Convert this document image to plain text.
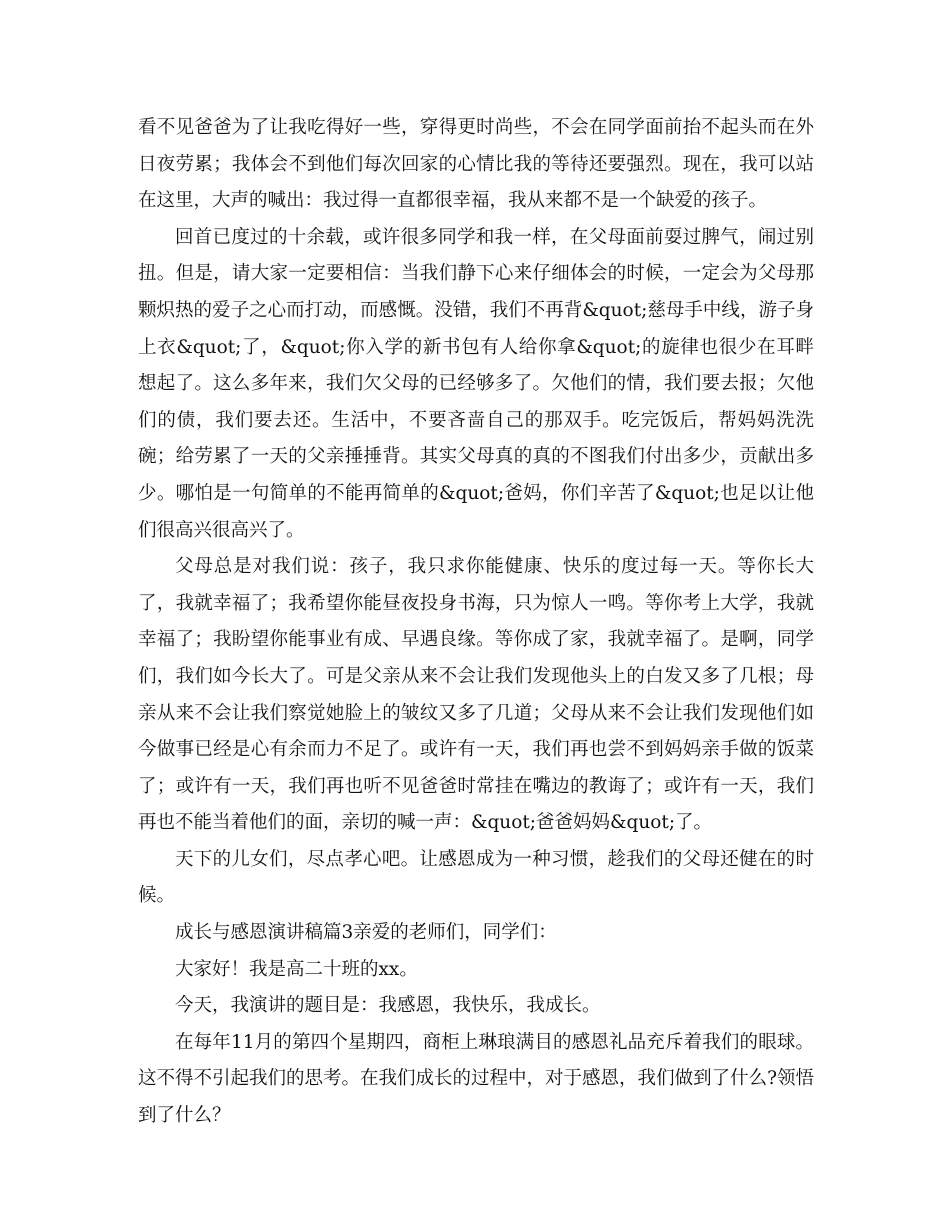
看不见爸爸为了让我吃得好一些，穿得更时尚些，不会在同学面前抬不起头而在外日夜劳累；我体会不到他们每次回家的心情比我的等待还要强烈。现在，我可以站在这里，大声的喊出：我过得一直都很幸福，我从来都不是一个缺爱的孩子。

回首已度过的十余载，或许很多同学和我一样，在父母面前耍过脾气，闹过别扭。但是，请大家一定要相信：当我们静下心来仔细体会的时候，一定会为父母那颗炽热的爱子之心而打动，而感慨。没错，我们不再背&quot;慈母手中线，游子身上衣&quot;了，&quot;你入学的新书包有人给你拿&quot;的旋律也很少在耳畔想起了。这么多年来，我们欠父母的已经够多了。欠他们的情，我们要去报；欠他们的债，我们要去还。生活中，不要吝啬自己的那双手。吃完饭后，帮妈妈洗洗碗；给劳累了一天的父亲捶捶背。其实父母真的真的不图我们付出多少，贡献出多少。哪怕是一句简单的不能再简单的&quot;爸妈，你们辛苦了&quot;也足以让他们很高兴很高兴了。

父母总是对我们说：孩子，我只求你能健康、快乐的度过每一天。等你长大了，我就幸福了；我希望你能昼夜投身书海，只为惊人一鸣。等你考上大学，我就幸福了；我盼望你能事业有成、早遇良缘。等你成了家，我就幸福了。是啊，同学们，我们如今长大了。可是父亲从来不会让我们发现他头上的白发又多了几根；母亲从来不会让我们察觉她脸上的皱纹又多了几道；父母从来不会让我们发现他们如今做事已经是心有余而力不足了。或许有一天，我们再也尝不到妈妈亲手做的饭菜了；或许有一天，我们再也听不见爸爸时常挂在嘴边的教诲了；或许有一天，我们再也不能当着他们的面，亲切的喊一声：&quot;爸爸妈妈&quot;了。

天下的儿女们，尽点孝心吧。让感恩成为一种习惯，趁我们的父母还健在的时候。

成长与感恩演讲稿篇3亲爱的老师们，同学们：

大家好！我是高二十班的xx。

今天，我演讲的题目是：我感恩，我快乐，我成长。

在每年11月的第四个星期四，商柜上琳琅满目的感恩礼品充斥着我们的眼球。这不得不引起我们的思考。在我们成长的过程中，对于感恩，我们做到了什么?领悟到了什么？
